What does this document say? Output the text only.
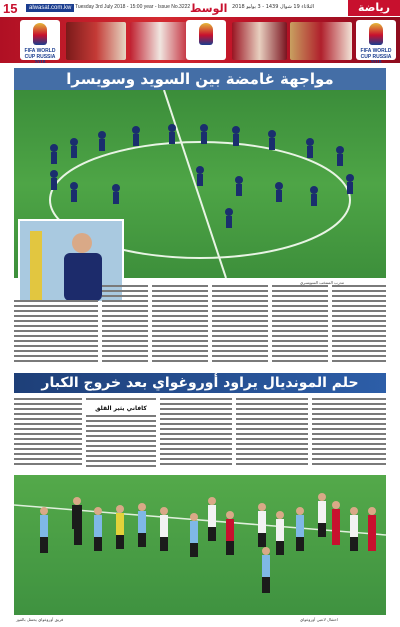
15	alwasat.com.kw Tuesday 3rd July 2018 - 15:00 year - Issue No.3222 الوسط الثلاثاء 19 شوال 1439 - 3 يوليو 2018	رياضة
FIFA WORLD CUP RUSSIA 2018
FIFA WORLD CUP RUSSIA 2018
مواجهة غامضة بين السويد وسويسرا
مدرب المنتخب السويسري
حلم المونديال يراود أوروغواي بعد خروج الكبار
كافاني يثير القلق
فريق أوروغواي يحتفل بالفوز	احتفال لاعبي أوروغواي
